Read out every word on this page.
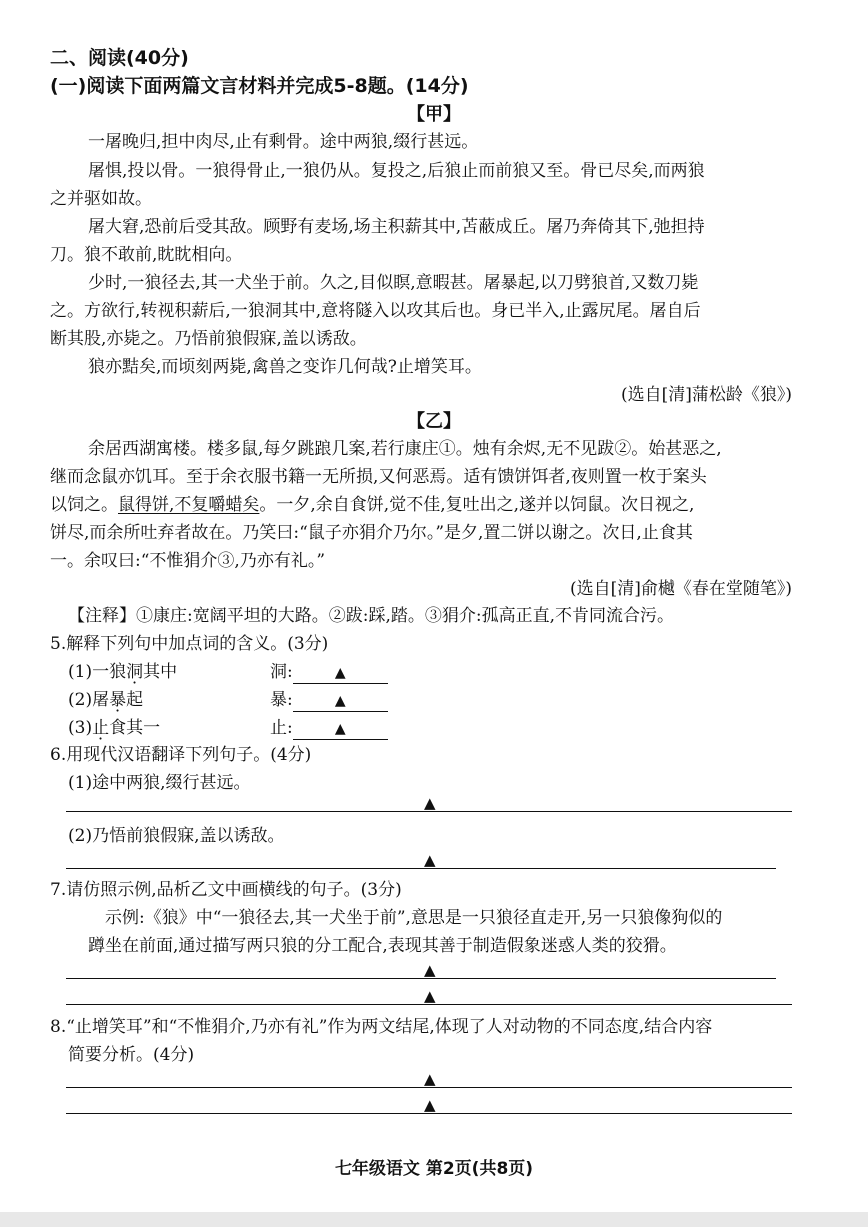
二、阅读(40分)
(一)阅读下面两篇文言材料并完成5-8题。(14分)
【甲】
一屠晚归,担中肉尽,止有剩骨。途中两狼,缀行甚远。
屠惧,投以骨。一狼得骨止,一狼仍从。复投之,后狼止而前狼又至。骨已尽矣,而两狼
之并驱如故。
屠大窘,恐前后受其敌。顾野有麦场,场主积薪其中,苫蔽成丘。屠乃奔倚其下,弛担持
刀。狼不敢前,眈眈相向。
少时,一狼径去,其一犬坐于前。久之,目似瞑,意暇甚。屠暴起,以刀劈狼首,又数刀毙
之。方欲行,转视积薪后,一狼洞其中,意将隧入以攻其后也。身已半入,止露尻尾。屠自后
断其股,亦毙之。乃悟前狼假寐,盖以诱敌。
狼亦黠矣,而顷刻两毙,禽兽之变诈几何哉?止增笑耳。
(选自[清]蒲松龄《狼》)
【乙】
余居西湖寓楼。楼多鼠,每夕跳踉几案,若行康庄①。烛有余烬,无不见跋②。始甚恶之,
继而念鼠亦饥耳。至于余衣服书籍一无所损,又何恶焉。适有馈饼饵者,夜则置一枚于案头
以饲之。鼠得饼,不复嚼蜡矣。一夕,余自食饼,觉不佳,复吐出之,遂并以饲鼠。次日视之,
饼尽,而余所吐弃者故在。乃笑曰:“鼠子亦狷介乃尔。”是夕,置二饼以谢之。次日,止食其
一。余叹曰:“不惟狷介③,乃亦有礼。”
(选自[清]俞樾《春在堂随笔》)
【注释】①康庄:宽阔平坦的大路。②跋:踩,踏。③狷介:孤高正直,不肯同流合污。
5.解释下列句中加点词的含义。(3分)
(1)一狼洞其中	洞:	▲
(2)屠暴起	暴:	▲
(3)止食其一	止:	▲
6.用现代汉语翻译下列句子。(4分)
(1)途中两狼,缀行甚远。
▲
(2)乃悟前狼假寐,盖以诱敌。
▲
7.请仿照示例,品析乙文中画横线的句子。(3分)
示例:《狼》中“一狼径去,其一犬坐于前”,意思是一只狼径直走开,另一只狼像狗似的
蹲坐在前面,通过描写两只狼的分工配合,表现其善于制造假象迷惑人类的狡猾。
▲
▲
8.“止增笑耳”和“不惟狷介,乃亦有礼”作为两文结尾,体现了人对动物的不同态度,结合内容
简要分析。(4分)
▲
▲
七年级语文 第2页(共8页)
